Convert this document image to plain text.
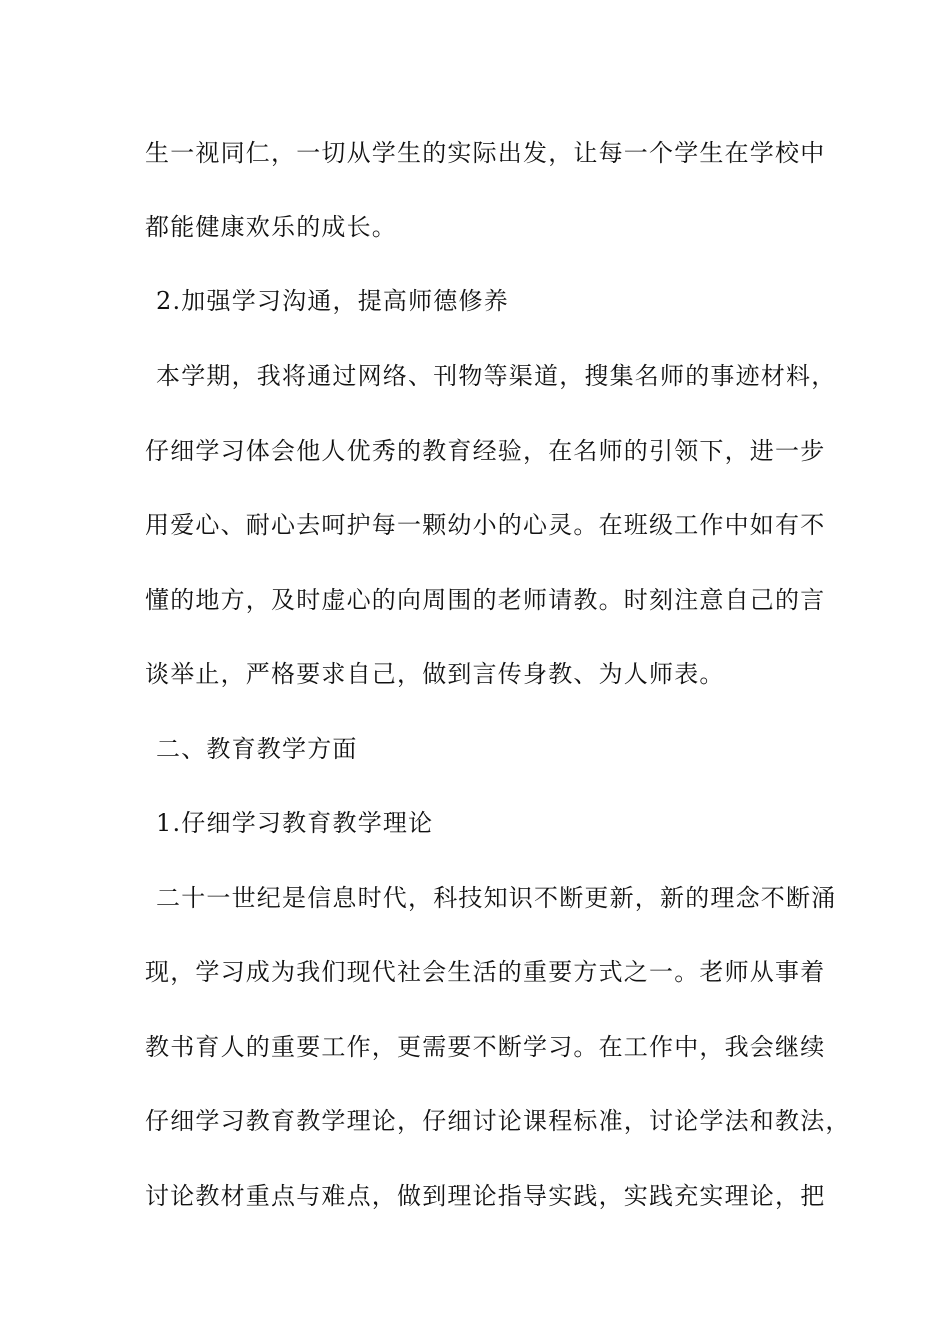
生一视同仁，一切从学生的实际出发，让每一个学生在学校中
都能健康欢乐的成长。
2.加强学习沟通，提高师德修养
本学期，我将通过网络、刊物等渠道，搜集名师的事迹材料，
仔细学习体会他人优秀的教育经验，在名师的引领下，进一步
用爱心、耐心去呵护每一颗幼小的心灵。在班级工作中如有不
懂的地方，及时虚心的向周围的老师请教。时刻注意自己的言
谈举止，严格要求自己，做到言传身教、为人师表。
二、教育教学方面
1.仔细学习教育教学理论
二十一世纪是信息时代，科技知识不断更新，新的理念不断涌
现，学习成为我们现代社会生活的重要方式之一。老师从事着
教书育人的重要工作，更需要不断学习。在工作中，我会继续
仔细学习教育教学理论，仔细讨论课程标准，讨论学法和教法，
讨论教材重点与难点，做到理论指导实践，实践充实理论，把
